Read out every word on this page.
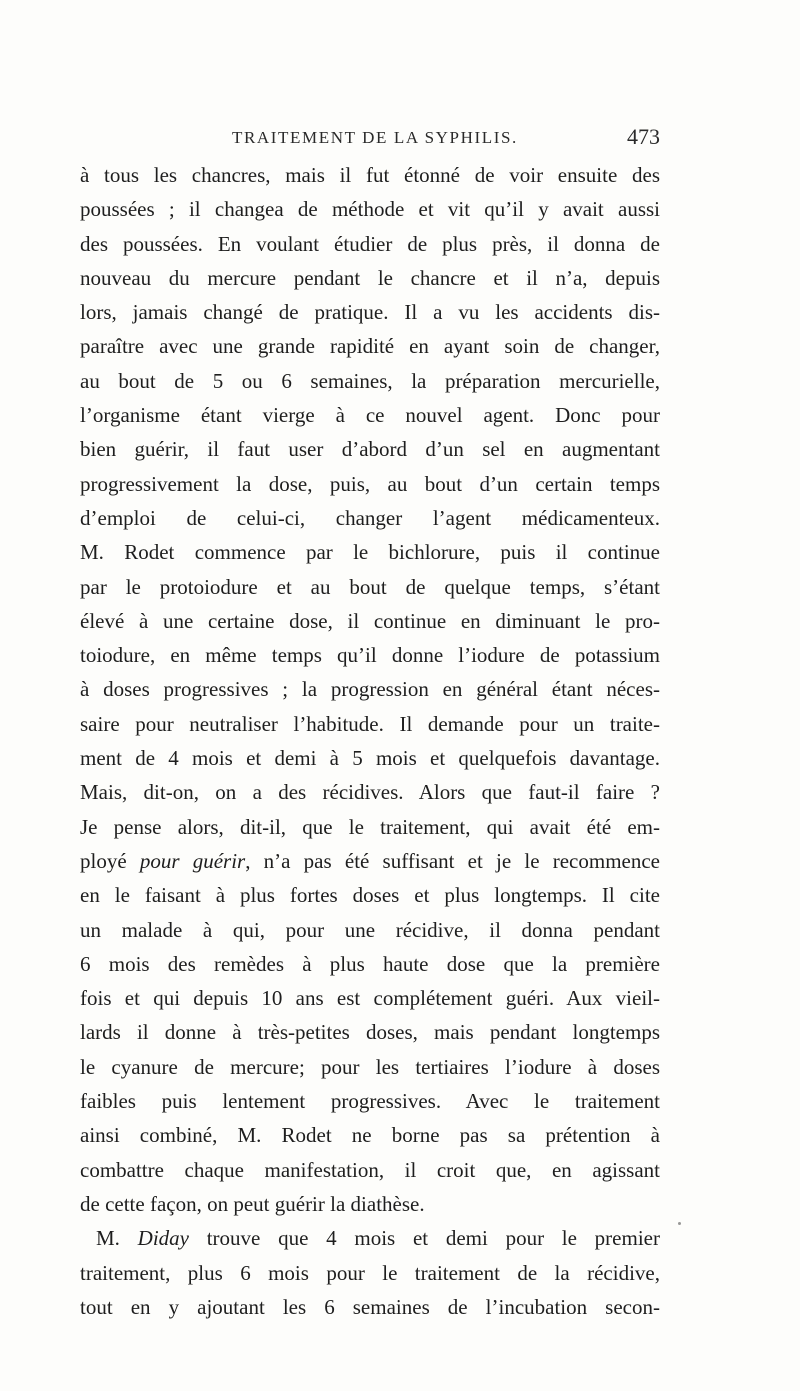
TRAITEMENT DE LA SYPHILIS.	473
à tous les chancres, mais il fut étonné de voir ensuite des
poussées ; il changea de méthode et vit qu’il y avait aussi
des poussées. En voulant étudier de plus près, il donna de
nouveau du mercure pendant le chancre et il n’a, depuis
lors, jamais changé de pratique. Il a vu les accidents dis-
paraître avec une grande rapidité en ayant soin de changer,
au bout de 5 ou 6 semaines, la préparation mercurielle,
l’organisme étant vierge à ce nouvel agent. Donc pour
bien guérir, il faut user d’abord d’un sel en augmentant
progressivement la dose, puis, au bout d’un certain temps
d’emploi de celui-ci, changer l’agent médicamenteux.
M. Rodet commence par le bichlorure, puis il continue
par le protoiodure et au bout de quelque temps, s’étant
élevé à une certaine dose, il continue en diminuant le pro-
toiodure, en même temps qu’il donne l’iodure de potassium
à doses progressives ; la progression en général étant néces-
saire pour neutraliser l’habitude. Il demande pour un traite-
ment de 4 mois et demi à 5 mois et quelquefois davantage.
Mais, dit-on, on a des récidives. Alors que faut-il faire ?
Je pense alors, dit-il, que le traitement, qui avait été em-
ployé pour guérir, n’a pas été suffisant et je le recommence
en le faisant à plus fortes doses et plus longtemps. Il cite
un malade à qui, pour une récidive, il donna pendant
6 mois des remèdes à plus haute dose que la première
fois et qui depuis 10 ans est complétement guéri. Aux vieil-
lards il donne à très-petites doses, mais pendant longtemps
le cyanure de mercure; pour les tertiaires l’iodure à doses
faibles puis lentement progressives. Avec le traitement
ainsi combiné, M. Rodet ne borne pas sa prétention à
combattre chaque manifestation, il croit que, en agissant
de cette façon, on peut guérir la diathèse.
M. Diday trouve que 4 mois et demi pour le premier
traitement, plus 6 mois pour le traitement de la récidive,
tout en y ajoutant les 6 semaines de l’incubation secon-
